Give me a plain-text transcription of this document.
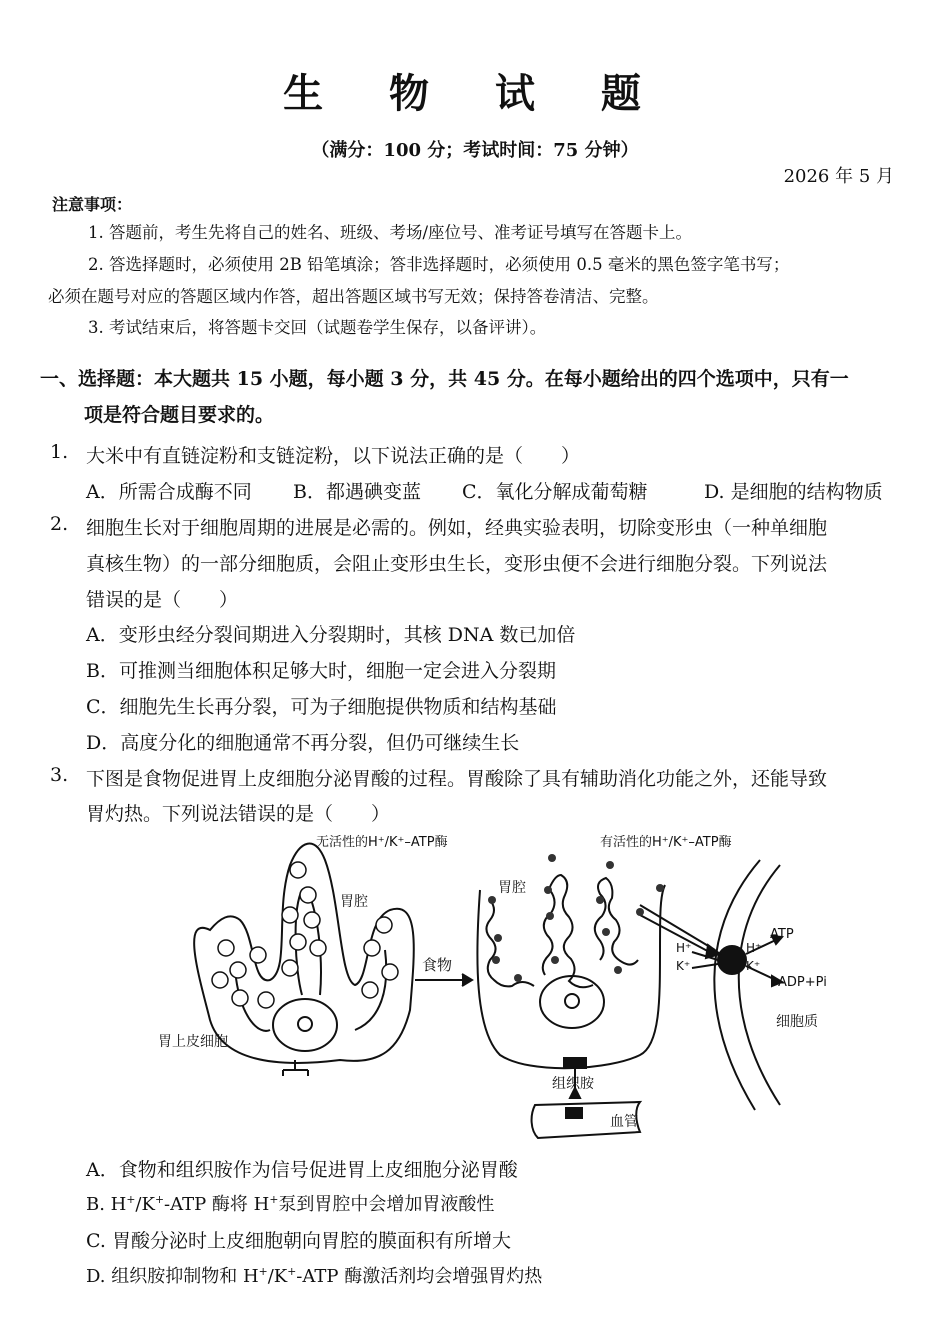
生 物 试 题
（满分：100 分；考试时间：75 分钟）
2026 年 5 月
注意事项：
1. 答题前，考生先将自己的姓名、班级、考场/座位号、准考证号填写在答题卡上。
2. 答选择题时，必须使用 2B 铅笔填涂；答非选择题时，必须使用 0.5 毫米的黑色签字笔书写；
必须在题号对应的答题区域内作答，超出答题区域书写无效；保持答卷清洁、完整。
3. 考试结束后，将答题卡交回（试题卷学生保存，以备评讲）。
一、选择题：本大题共 15 小题，每小题 3 分，共 45 分。在每小题给出的四个选项中，只有一
项是符合题目要求的。
1. 大米中有直链淀粉和支链淀粉，以下说法正确的是（　　）
A．所需合成酶不同 B．都遇碘变蓝 C．氧化分解成葡萄糖	D. 是细胞的结构物质
2. 细胞生长对于细胞周期的进展是必需的。例如，经典实验表明，切除变形虫（一种单细胞
真核生物）的一部分细胞质，会阻止变形虫生长，变形虫便不会进行细胞分裂。下列说法
错误的是（　　）
A．变形虫经分裂间期进入分裂期时，其核 DNA 数已加倍
B．可推测当细胞体积足够大时，细胞一定会进入分裂期
C．细胞先生长再分裂，可为子细胞提供物质和结构基础
D．高度分化的细胞通常不再分裂，但仍可继续生长
3. 下图是食物促进胃上皮细胞分泌胃酸的过程。胃酸除了具有辅助消化功能之外，还能导致
胃灼热。下列说法错误的是（　　）
无活性的H⁺/K⁺–ATP酶
胃腔
有活性的H⁺/K⁺–ATP酶
胃腔
食物
胃上皮细胞
组织胺
血管
ATP
ADP+Pi
细胞质
H⁺
K⁺
H⁺
K⁺
A．食物和组织胺作为信号促进胃上皮细胞分泌胃酸
B. H+/K+-ATP 酶将 H+泵到胃腔中会增加胃液酸性
C. 胃酸分泌时上皮细胞朝向胃腔的膜面积有所增大
D. 组织胺抑制物和 H+/K+-ATP 酶激活剂均会增强胃灼热
